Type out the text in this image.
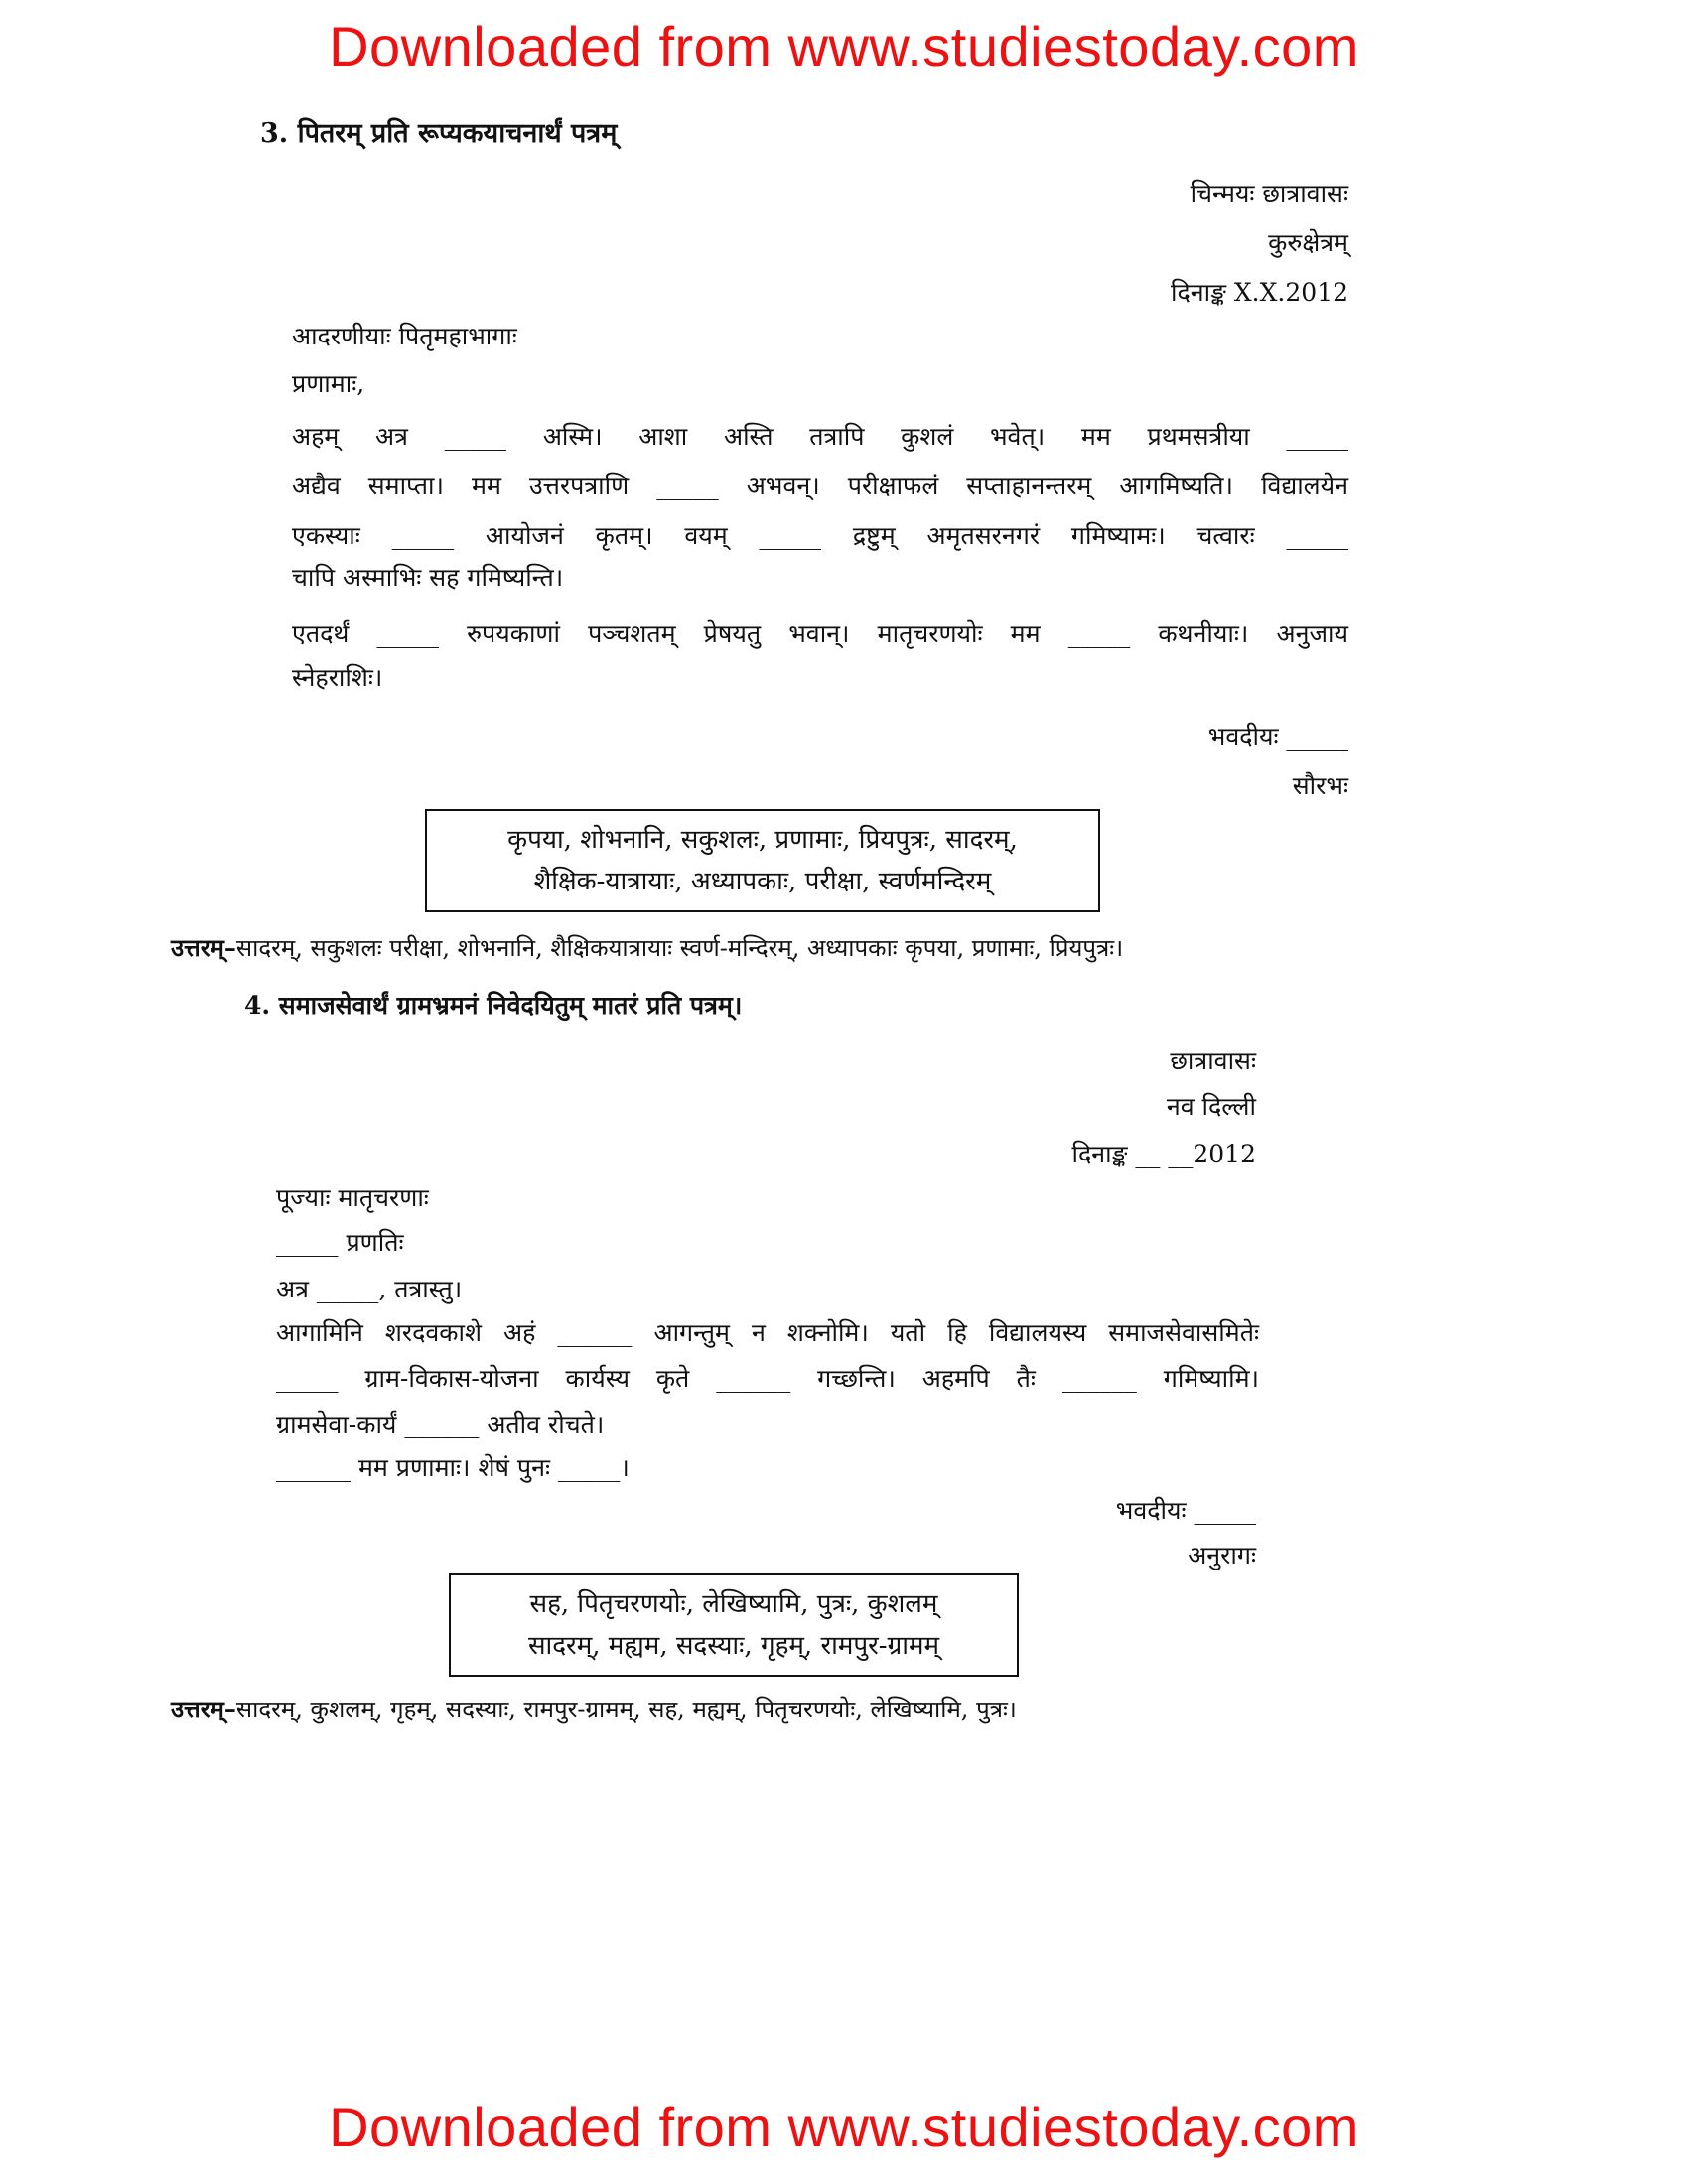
Downloaded from www.studiestoday.com
3. पितरम् प्रति रूप्यकयाचनार्थं पत्रम्
चिन्मयः छात्रावासः
कुरुक्षेत्रम्
दिनाङ्क X.X.2012
आदरणीयाः पितृमहाभागाः
प्रणामाः,
अहम् अत्र _____ अस्मि। आशा अस्ति तत्रापि कुशलं भवेत्। मम प्रथमसत्रीया _____
अद्यैव समाप्ता। मम उत्तरपत्राणि _____ अभवन्। परीक्षाफलं सप्ताहानन्तरम् आगमिष्यति। विद्यालयेन
एकस्याः _____ आयोजनं कृतम्। वयम् _____ द्रष्टुम् अमृतसरनगरं गमिष्यामः। चत्वारः _____
चापि अस्माभिः सह गमिष्यन्ति।
एतदर्थं _____ रुपयकाणां पञ्चशतम् प्रेषयतु भवान्। मातृचरणयोः मम _____ कथनीयाः। अनुजाय
स्नेहराशिः।
भवदीयः _____
सौरभः
कृपया, शोभनानि, सकुशलः, प्रणामाः, प्रियपुत्रः, सादरम्,
शैक्षिक-यात्रायाः, अध्यापकाः, परीक्षा, स्वर्णमन्दिरम्
उत्तरम्–सादरम्, सकुशलः परीक्षा, शोभनानि, शैक्षिकयात्रायाः स्वर्ण-मन्दिरम्, अध्यापकाः कृपया, प्रणामाः, प्रियपुत्रः।
4. समाजसेवार्थं ग्रामभ्रमनं निवेदयितुम् मातरं प्रति पत्रम्।
छात्रावासः
नव दिल्ली
दिनाङ्क __ __2012
पूज्याः मातृचरणाः
_____ प्रणतिः
अत्र _____, तत्रास्तु।
आगामिनि शरदवकाशे अहं ______ आगन्तुम् न शक्नोमि। यतो हि विद्यालयस्य समाजसेवासमितेः
_____ ग्राम-विकास-योजना कार्यस्य कृते ______ गच्छन्ति। अहमपि तैः ______ गमिष्यामि।
ग्रामसेवा-कार्यं ______ अतीव रोचते।
______ मम प्रणामाः। शेषं पुनः _____।
भवदीयः _____
अनुरागः
सह, पितृचरणयोः, लेखिष्यामि, पुत्रः, कुशलम्
सादरम्, मह्यम, सदस्याः, गृहम्, रामपुर-ग्रामम्
उत्तरम्–सादरम्, कुशलम्, गृहम्, सदस्याः, रामपुर-ग्रामम्, सह, मह्यम्, पितृचरणयोः, लेखिष्यामि, पुत्रः।
Downloaded from www.studiestoday.com
